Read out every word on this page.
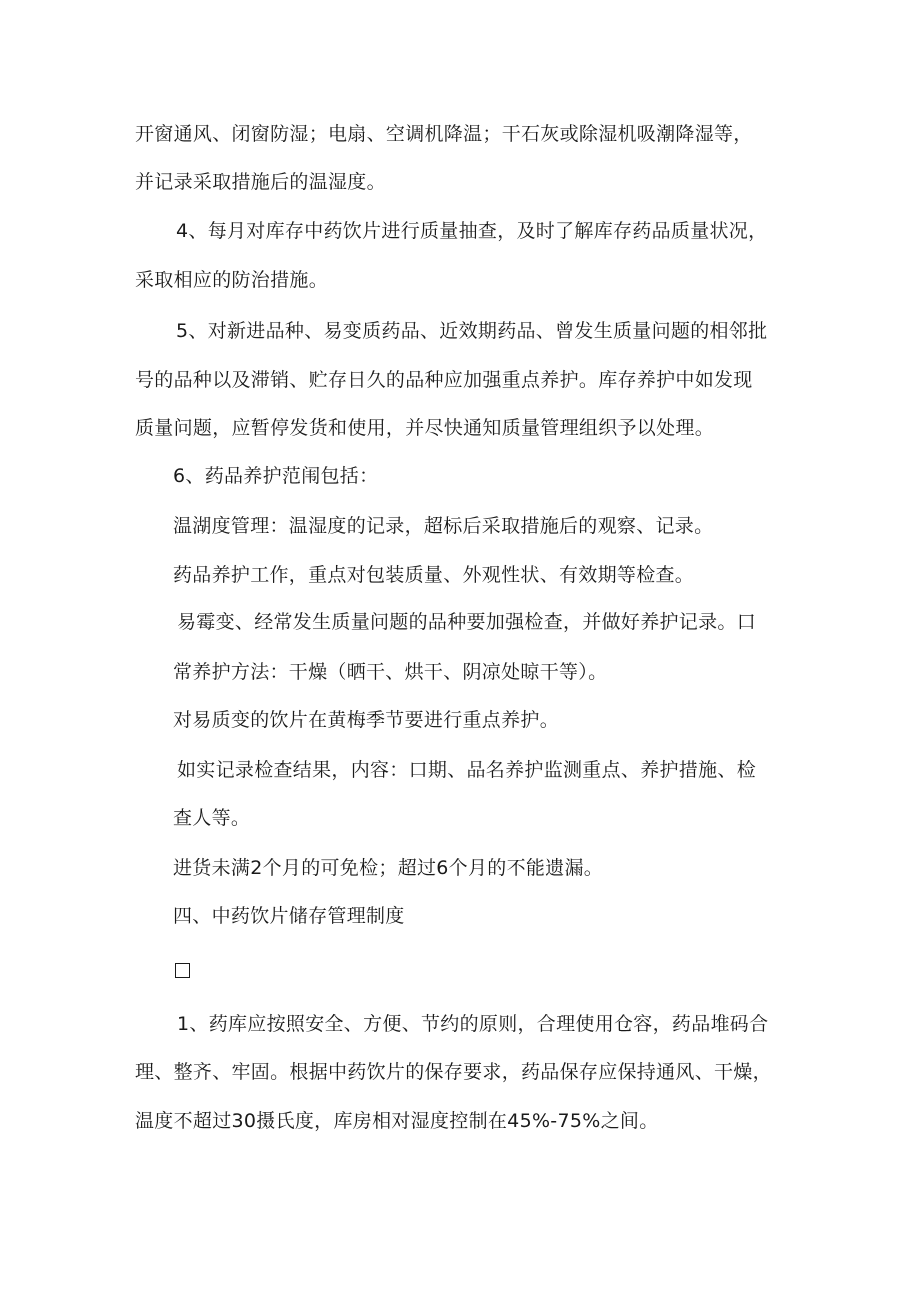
开窗通风、闭窗防湿；电扇、空调机降温；干石灰或除湿机吸潮降湿等，
并记录采取措施后的温湿度。
4、每月对库存中药饮片进行质量抽查，及时了解库存药品质量状况，
采取相应的防治措施。
5、对新进品种、易变质药品、近效期药品、曾发生质量问题的相邻批
号的品种以及滞销、贮存日久的品种应加强重点养护。库存养护中如发现
质量问题，应暂停发货和使用，并尽快通知质量管理组织予以处理。
6、药品养护范闱包括：
温湖度管理：温湿度的记录，超标后采取措施后的观察、记录。
药品养护工作，重点对包装质量、外观性状、有效期等检查。
易霉变、经常发生质量问题的品种要加强检查，并做好养护记录。口
常养护方法：干燥（晒干、烘干、阴凉处晾干等）。
对易质变的饮片在黄梅季节要进行重点养护。
如实记录检查结果，内容：口期、品名养护监测重点、养护措施、检
查人等。
进货未满2个月的可免检；超过6个月的不能遗漏。
四、中药饮片储存管理制度
1、药库应按照安全、方便、节约的原则，合理使用仓容，药品堆码合
理、整齐、牢固。根据中药饮片的保存要求，药品保存应保持通风、干燥，
温度不超过30摄氏度，库房相对湿度控制在45%-75%之间。
